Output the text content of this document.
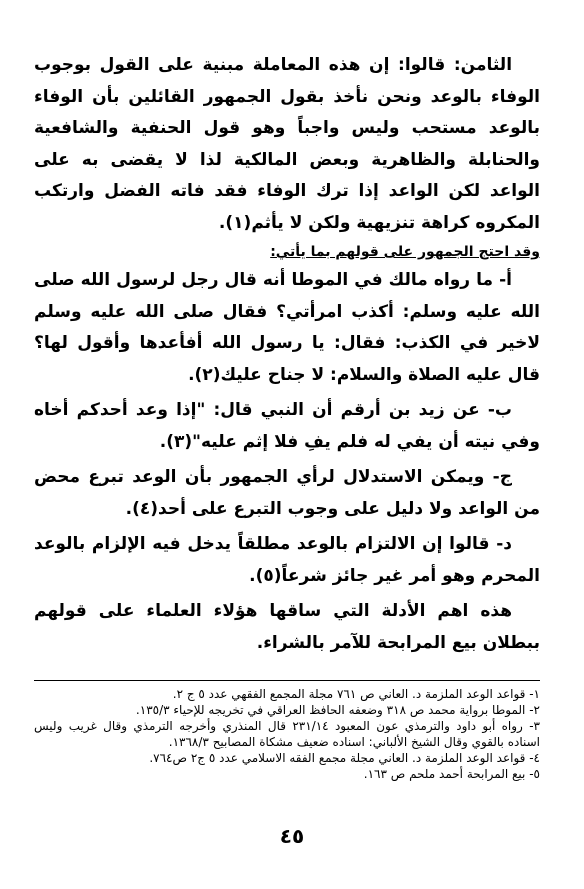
الثامن: قالوا: إن هذه المعاملة مبنية على القول بوجوب الوفاء بالوعد ونحن نأخذ بقول الجمهور القائلين بأن الوفاء بالوعد مستحب وليس واجباً وهو قول الحنفية والشافعية والحنابلة والظاهرية وبعض المالكية لذا لا يقضى به على الواعد لكن الواعد إذا ترك الوفاء فقد فاته الفضل وارتكب المكروه كراهة تنزيهية ولكن لا يأثم(١).

وقد احتج الجمهور على قولهم بما يأتي:

أ- ما رواه مالك في الموطا أنه قال رجل لرسول الله صلى الله عليه وسلم: أكذب امرأتي؟ فقال صلى الله عليه وسلم لاخير في الكذب: فقال: يا رسول الله أفأعدها وأقول لها؟ قال عليه الصلاة والسلام: لا جناح عليك(٢).

ب- عن زيد بن أرقم أن النبي قال: "إذا وعد أحدكم أخاه وفي نيته أن يفي له فلم يفِ فلا إثم عليه"(٣).

ج- ويمكن الاستدلال لرأي الجمهور بأن الوعد تبرع محض من الواعد ولا دليل على وجوب التبرع على أحد(٤).

د- قالوا إن الالتزام بالوعد مطلقاً يدخل فيه الإلزام بالوعد المحرم وهو أمر غير جائز شرعاً(٥).

هذه اهم الأدلة التي ساقها هؤلاء العلماء على قولهم ببطلان بيع المرابحة للآمر بالشراء.

١- قواعد الوعد الملزمة د. العاني ص ٧٦١ مجلة المجمع الفقهي عدد ٥ ج ٢.

٢- الموطا برواية محمد ص ٣١٨ وضعفه الحافظ العراقي في تخريجه للإحياء ١٣٥/٣.

٣- رواه أبو داود والترمذي عون المعبود ٢٣١/١٤ قال المنذري وأخرجه الترمذي وقال غريب وليس اسناده بالقوي وقال الشيخ الألباني: اسناده ضعيف مشكاة المصابيح ١٣٦٨/٣.

٤- قواعد الوعد الملزمة د. العاني مجلة مجمع الفقه الاسلامي عدد ٥ ج٢ ص٧٦٤.

٥- بيع المرابحة أحمد ملحم ص ١٦٣.

٤٥
